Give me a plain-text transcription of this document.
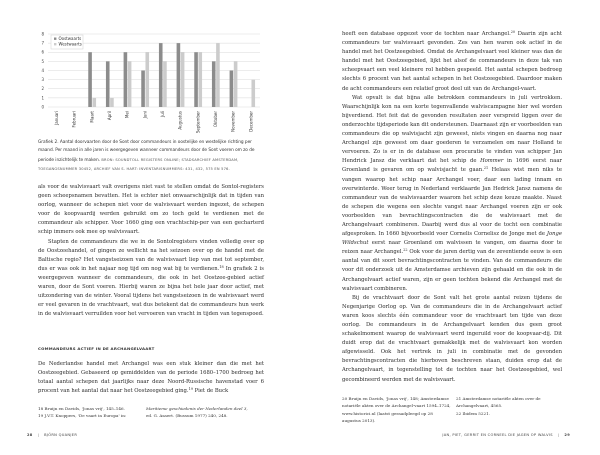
0
1
2
3
4
5
6
7
8
Januari	Februari	Maart	April	Mei	Juni	Juli	Augustus	September	Oktober	November	December
Oostwaarts
Westwaarts
Grafiek 2. Aantal doorvaarten door de Sont door commandeurs in oostelijke en westelijke richting per maand. Per maand in alle jaren is weergegeven wanneer commandeurs door de Sont voeren om zo de periode inzichtelijk te maken. BRON: SOUNDTOLL REGISTERS ONLINE; STADSARCHIEF AMSTERDAM, TOEGANGSNUMMER 30452, ARCHIEF VAN S. HART: INVENTARISNUMMERS: 431, 432, 575 EN 576.

als voor de walvisvaart valt overigens niet vast te stellen omdat de Sontol-registers geen scheepsnamen bevatten. Het is echter niet onwaarschijnlijk dat in tijden van oorlog, wanneer de schepen niet voor de walvisvaart werden ingezet, de schepen voor de koopvaardij werden gebruikt om zo toch geld te verdienen met de commandeur als schipper. Voor 1660 ging een vrachtschip-per van een gecharterd schip immers ook mee op walvisvaart.

Stapten de commandeurs die we in de Sontolregisters vinden volledig over op de Oostzeehandel, of gingen ze wellicht na het seizoen over op de handel met de Baltische regio? Het vangstseizoen van de walvisvaart liep van mei tot september, dus er was ook in het najaar nog tijd om nog wat bij te verdienen.$^{18}$ In grafiek 2 is weergegeven wanneer de commandeurs, die ook in het Oostzee-gebied actief waren, door de Sont voeren. Hierbij waren ze bijna het hele jaar door actief, met uitzondering van de winter. Vooral tijdens het vangstseizoen in de walvisvaart werd er veel gevaren in de vrachtvaart, wat dus betekent dat de commandeurs hun werk in de walvisvaart verruilden voor het vervoeren van vracht in tijden van tegenspoed.

COMMANDEURS ACTIEF IN DE ARCHANGELVAART

De Nederlandse handel met Archangel was een stuk kleiner dan die met het Oostzeegebied. Gebaseerd op gemiddelden van de periode 1680–1700 bedroeg het totaal aantal schepen dat jaarlijks naar deze Noord-Russische havenstad voer 6 procent van het aantal dat naar het Oostzeegebied ging.$^{19}$ Piet de Buck

18 Bruijn en Davids, 'Jonas vrij', 145–146.
19 J.V.T. Knoppers, 'De vaart in Europa' in:
Maritieme geschiedenis der Nederlanden deel 3,
ed. G. Asaert. (Bussum 1977) 240, 248.
28 | BJÖRN QUANJER

heeft een database opgezet voor de tochten naar Archangel.$^{20}$ Daarin zijn acht commandeurs ter walvisvaart gevonden. Zes van hen waren ook actief in de handel met het Oostzeegebied. Omdat de Archangelvaart veel kleiner was dan de handel met het Oostzeegebied, lijkt het alsof de commandeurs in deze tak van scheepvaart een veel kleinere rol hebben gespeeld. Het aantal schepen bedroeg slechts 6 procent van het aantal schepen in het Oostzeegebied. Daardoor maken de acht commandeurs een relatief groot deel uit van de Archangel-vaart.

Wat opvalt is dat bijna alle betrokken commandeurs in juli vertrokken. Waarschijnlijk kon na een korte tegenvallende walviscampagne hier wel worden bijverdiend. Het feit dat de gevonden resultaten zeer verspreid liggen over de onderzochte tijdsperiode kan dit ondersteunen. Daarnaast zijn er voorbeelden van commandeurs die op walvisjacht zijn geweest, niets vingen en daarna nog naar Archangel zijn geweest om daar goederen te verzamelen om naar Holland te vervoeren. Zo is er in de database een procuratie te vinden van schipper Jan Hendrick Jansz die verklaart dat het schip de Hommer in 1696 eerst naar Groenland is gevaren om op walvisjacht te gaan.$^{21}$ Helaas wist men niks te vangen waarop het schip naar Archangel voer, daar een lading innam en overwinterde. Weer terug in Nederland verklaarde Jan Hedrick Jansz namens de commandeur van de walvisvaarder waarom het schip deze keuze maakte. Naast de schepen die wegens een slechte vangst naar Archangel voeren zijn er ook voorbeelden van bevrachtingscontracten die de walvisvaart met de Archangelvaart combineren. Daarbij werd dus al voor de tocht een combinatie afgesproken. In 1660 bijvoorbeeld voer Cornelis Cornelisz de Jonge met de Jonge Wildschut eerst naar Groenland om walvissen te vangen, om daarna door te reizen naar Archangel.$^{22}$ Ook voor de jaren dertig van de zeventiende eeuw is een aantal van dit soort bevrachtingscontracten te vinden. Van de commandeurs die voor dit onderzoek uit de Amsterdamse archieven zijn gehaald en die ook in de Archangelvaart actief waren, zijn er geen tochten bekend die Archangel met de walvisvaart combineren.

Bij de vrachtvaart door de Sont valt het grote aantal reizen tijdens de Negenjarige Oorlog op. Van de commandeurs die in de Archangelvaart actief waren koos slechts één commandeur voor de vrachtvaart ten tijde van deze oorlog. De commandeurs in de Archangelvaart kenden dus geen groot schakelmoment waarop de walvisvaart werd ingeruild voor de koopvaar-dij. Dit duidt erop dat de vrachtvaart gemakkelijk met de walvisvaart kon worden afgewisseld. Ook het vertrek in juli in combinatie met de gevonden bevrachtingscontracten die hierboven beschreven staan, duiden erop dat de Archangelvaart, in tegenstelling tot de tochten naar het Oostzeegebied, wel gecombineerd werden met de walvisvaart.

20 Bruijn en Davids, 'Jonas vrij', 148; Amsterdamse notariële akten over de Archangel-vaart 1594–1724, www.historici.nl (laatst geraadpleegd op 28 augustus 2013).
21 Amsterdamse notariële akten over de Archangelvaart, 4565.
22 Ibidem 5221.
JAN, PIET, GERRIT EN CORNEEL DIE JAGEN OP WALVIS | 29
